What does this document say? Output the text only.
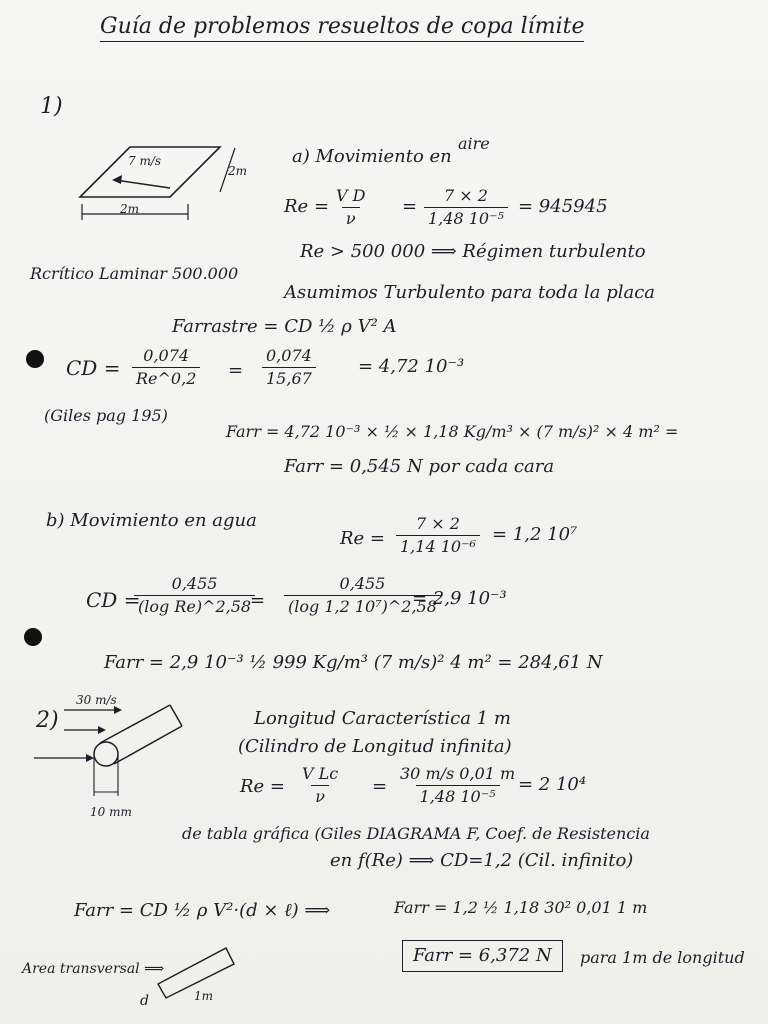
Guía de problemos resueltos de copa límite
1)
7 m/s
2m
2m
a) Movimiento en
aire
$Re = \frac{\text{V D}}{\nu} = \frac{7 \times 2}{\text{1,48 10⁻⁵}} = 945945$
Re > 500 000 ⟹ Régimen turbulento
Rcrítico Laminar 500.000
Asumimos Turbulento para toda la placa
Farrastre = CD ½ ρ V² A
CD = $\frac{0,074}{Re\^{}0,2} = \frac{0,074}{15,67} = 4,72$ 10⁻³
(Giles pag 195)
Farr = 4,72 10⁻³ × ½ × 1,18 Kg/m³ × (7 m/s)² × 4 m² =
Farr = 0,545 N por cada cara
b) Movimiento en agua
$Re = \frac{7 \times 2}{\text{1,14 10⁻⁶}} = 1,2$ 10⁷
CD =
$\frac{0,455}{\text{(log Re)\textasciicircum{}2,58}}$
= $\frac{0,455}{\text{(log 1,2 10⁷)\textasciicircum{}2,58}}$
= 2,9 10⁻³
Farr = 2,9 10⁻³ ½ 999 Kg/m³ (7 m/s)² 4 m² = 284,61 N
2)
30 m/s
10 mm
Longitud Característica 1 m
(Cilindro de Longitud infinita)
$Re = \frac{\text{V Lc}}{\nu} = \frac{30 m/s 0,01 m}{\text{1,48 10⁻⁵}}$
= 2 10⁴
de tabla gráfica (Giles DIAGRAMA F, Coef. de Resistencia
en f(Re) ⟹ CD=1,2 (Cil. infinito)
Farr = CD ½ ρ V²·(d × ℓ) ⟹	Farr = 1,2 ½ 1,18 30² 0,01 1 m
Farr = 6,372 N	para 1m de longitud
Area transversal ⟹
d	1m
